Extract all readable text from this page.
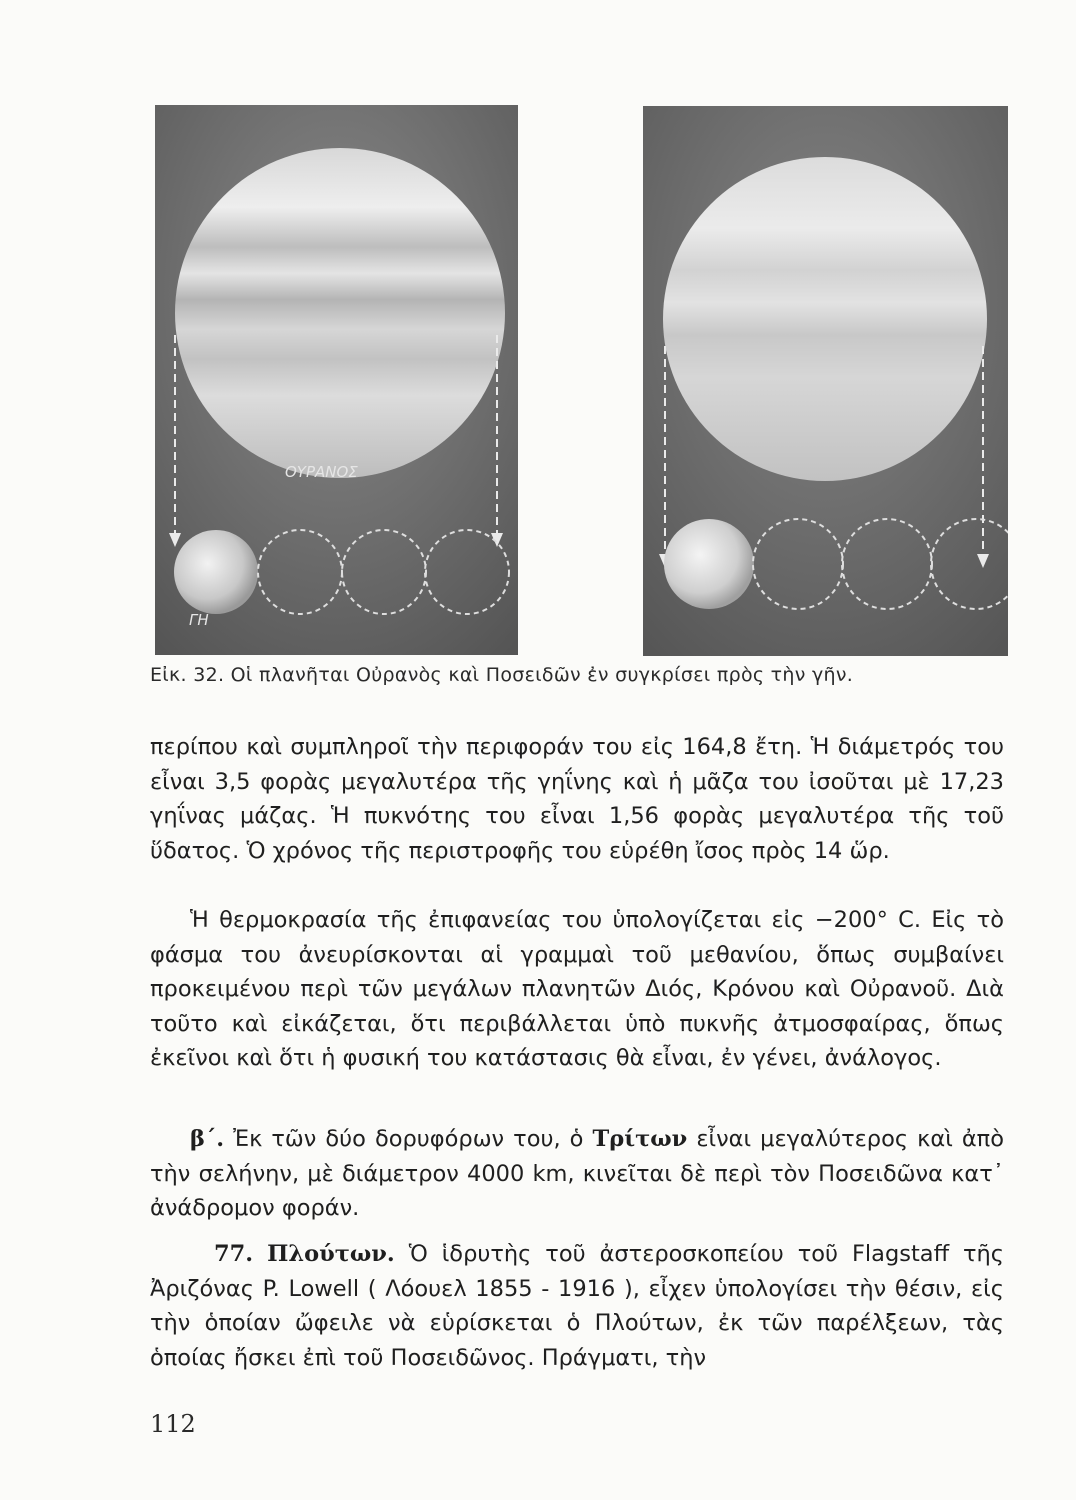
ΟΥΡΑΝΟΣ
ΓΗ
Εἰκ. 32. Οἱ πλανῆται Οὐρανὸς καὶ Ποσειδῶν ἐν συγκρίσει πρὸς τὴν γῆν.
περίπου καὶ συμπληροῖ τὴν περιφοράν του εἰς 164,8 ἔτη. Ἡ διάμετρός του εἶναι 3,5 φορὰς μεγαλυτέρα τῆς γηΐνης καὶ ἡ μᾶζα του ἰσοῦται μὲ 17,23 γηΐνας μάζας. Ἡ πυκνότης του εἶναι 1,56 φορὰς μεγαλυτέρα τῆς τοῦ ὕδατος. Ὁ χρόνος τῆς περιστροφῆς του εὑρέθη ἴσος πρὸς 14 ὥρ.
Ἡ θερμοκρασία τῆς ἐπιφανείας του ὑπολογίζεται εἰς −200° C. Εἰς τὸ φάσμα του ἀνευρίσκονται αἱ γραμμαὶ τοῦ μεθανίου, ὅπως συμβαίνει προκειμένου περὶ τῶν μεγάλων πλανητῶν Διός, Κρόνου καὶ Οὐρανοῦ. Διὰ τοῦτο καὶ εἰκάζεται, ὅτι περιβάλλεται ὑπὸ πυκνῆς ἀτμοσφαίρας, ὅπως ἐκεῖνοι καὶ ὅτι ἡ φυσική του κατάστασις θὰ εἶναι, ἐν γένει, ἀνάλογος.
β΄. Ἐκ τῶν δύο δορυφόρων του, ὁ Τρίτων εἶναι μεγαλύτερος καὶ ἀπὸ τὴν σελήνην, μὲ διάμετρον 4000 km, κινεῖται δὲ περὶ τὸν Ποσειδῶνα κατ᾽ ἀνάδρομον φοράν.
77. Πλούτων. Ὁ ἱδρυτὴς τοῦ ἀστεροσκοπείου τοῦ Flagstaff τῆς Ἀριζόνας P. Lowell ( Λόουελ 1855 - 1916 ), εἶχεν ὑπολογίσει τὴν θέσιν, εἰς τὴν ὁποίαν ὤφειλε νὰ εὑρίσκεται ὁ Πλούτων, ἐκ τῶν παρέλξεων, τὰς ὁποίας ἤσκει ἐπὶ τοῦ Ποσειδῶνος. Πράγματι, τὴν
112
